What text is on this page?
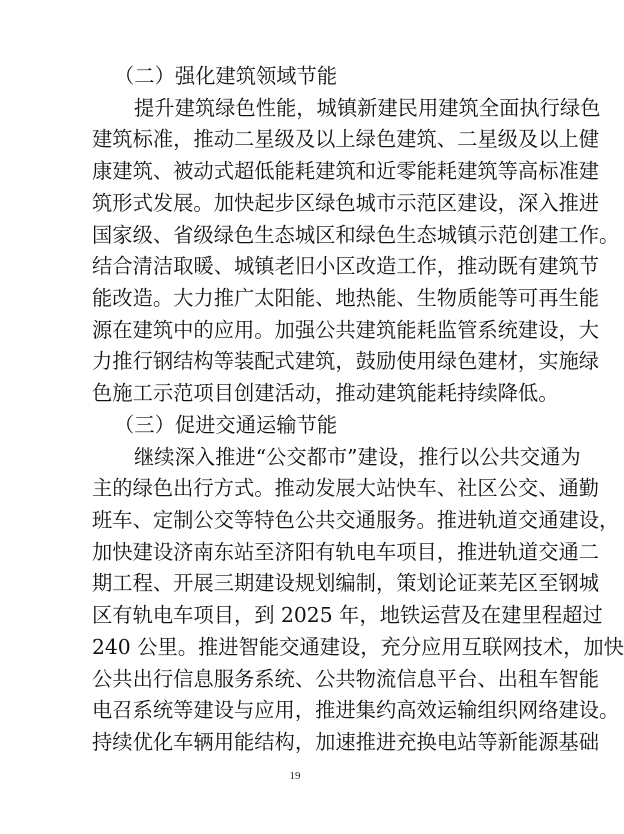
（二）强化建筑领域节能
提升建筑绿色性能，城镇新建民用建筑全面执行绿色
建筑标准，推动二星级及以上绿色建筑、二星级及以上健
康建筑、被动式超低能耗建筑和近零能耗建筑等高标准建
筑形式发展。加快起步区绿色城市示范区建设，深入推进
国家级、省级绿色生态城区和绿色生态城镇示范创建工作。
结合清洁取暖、城镇老旧小区改造工作，推动既有建筑节
能改造。大力推广太阳能、地热能、生物质能等可再生能
源在建筑中的应用。加强公共建筑能耗监管系统建设，大
力推行钢结构等装配式建筑，鼓励使用绿色建材，实施绿
色施工示范项目创建活动，推动建筑能耗持续降低。
（三）促进交通运输节能
继续深入推进“公交都市”建设，推行以公共交通为
主的绿色出行方式。推动发展大站快车、社区公交、通勤
班车、定制公交等特色公共交通服务。推进轨道交通建设，
加快建设济南东站至济阳有轨电车项目，推进轨道交通二
期工程、开展三期建设规划编制，策划论证莱芜区至钢城
区有轨电车项目，到 2025 年，地铁运营及在建里程超过
240 公里。推进智能交通建设，充分应用互联网技术，加快
公共出行信息服务系统、公共物流信息平台、出租车智能
电召系统等建设与应用，推进集约高效运输组织网络建设。
持续优化车辆用能结构，加速推进充换电站等新能源基础
19
